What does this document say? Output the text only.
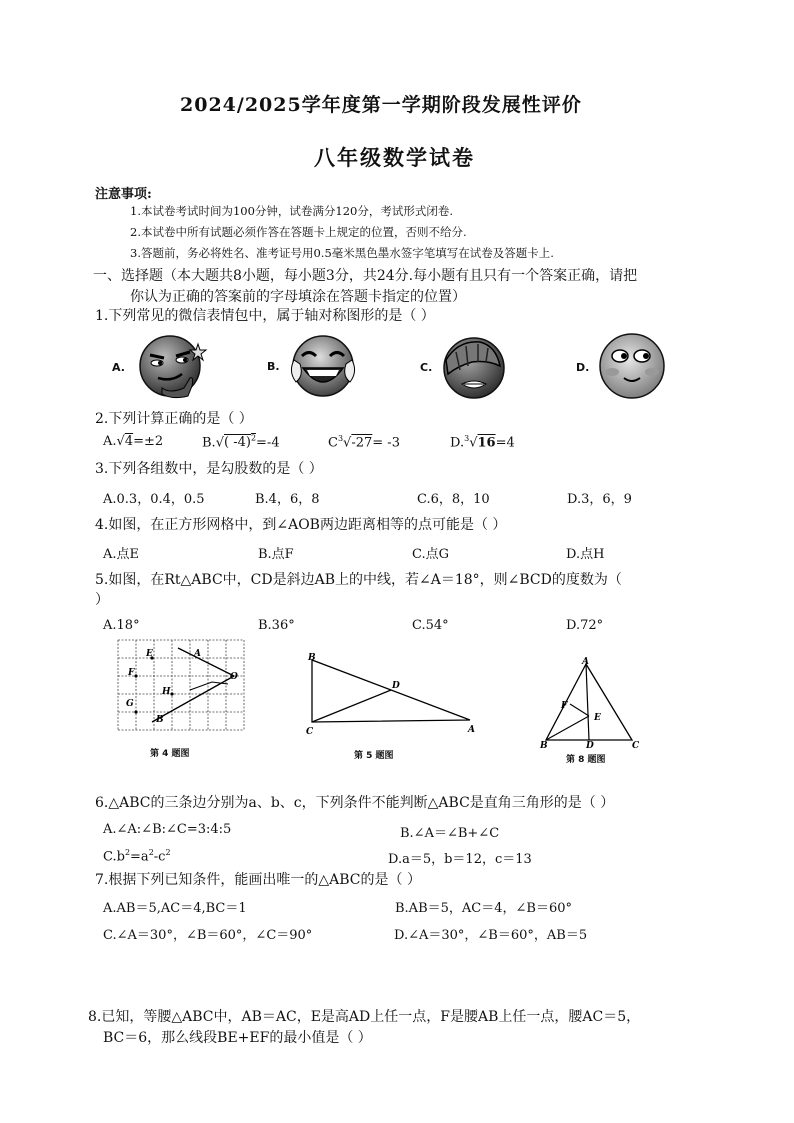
2024/2025学年度第一学期阶段发展性评价
八年级数学试卷
注意事项:
1.本试卷考试时间为100分钟，试卷满分120分，考试形式闭卷.
2.本试卷中所有试题必须作答在答题卡上规定的位置，否则不给分.
3.答题前，务必将姓名、准考证号用0.5毫米黑色墨水签字笔填写在试卷及答题卡上.
一、选择题（本大题共8小题，每小题3分，共24分.每小题有且只有一个答案正确，请把
你认为正确的答案前的字母填涂在答题卡指定的位置）
1.下列常见的微信表情包中，属于轴对称图形的是（ ）
A.	B.	C.	D.
2.下列计算正确的是（ ）
A.√4=±2	B.√( -4)$^2$=-4	$C^3√-27= -3$	D.$^3$√16=4
3.下列各组数中，是勾股数的是（ ）
A.0.3，0.4，0.5	B.4，6，8	C.6，8，10	D.3，6，9
4.如图，在正方形网格中，到∠AOB两边距离相等的点可能是（ ）
A.点E	B.点F	C.点G	D.点H
5.如图，在Rt△ABC中，CD是斜边AB上的中线，若∠A＝18°，则∠BCD的度数为（
）
A.18°	B.36°	C.54°	D.72°
E	A
F	O
H
G
B
第 4 题图
B
D
C	A
第 5 题图
A
F
E
B	D	C
第 8 题图
6.△ABC的三条边分别为a、b、c，下列条件不能判断△ABC是直角三角形的是（ ）
A.∠A:∠B:∠C=3:4:5	B.∠A＝∠B+∠C
$C.b^2=a^2-c^2$	D.a＝5，b＝12，c＝13
7.根据下列已知条件，能画出唯一的△ABC的是（ ）
A.AB＝5,AC＝4,BC＝1	B.AB＝5，AC＝4，∠B＝60°
C.∠A＝30°，∠B＝60°，∠C＝90°	D.∠A＝30°，∠B＝60°，AB＝5
8.已知，等腰△ABC中，AB＝AC，E是高AD上任一点，F是腰AB上任一点，腰AC＝5，
BC＝6，那么线段BE+EF的最小值是（ ）
